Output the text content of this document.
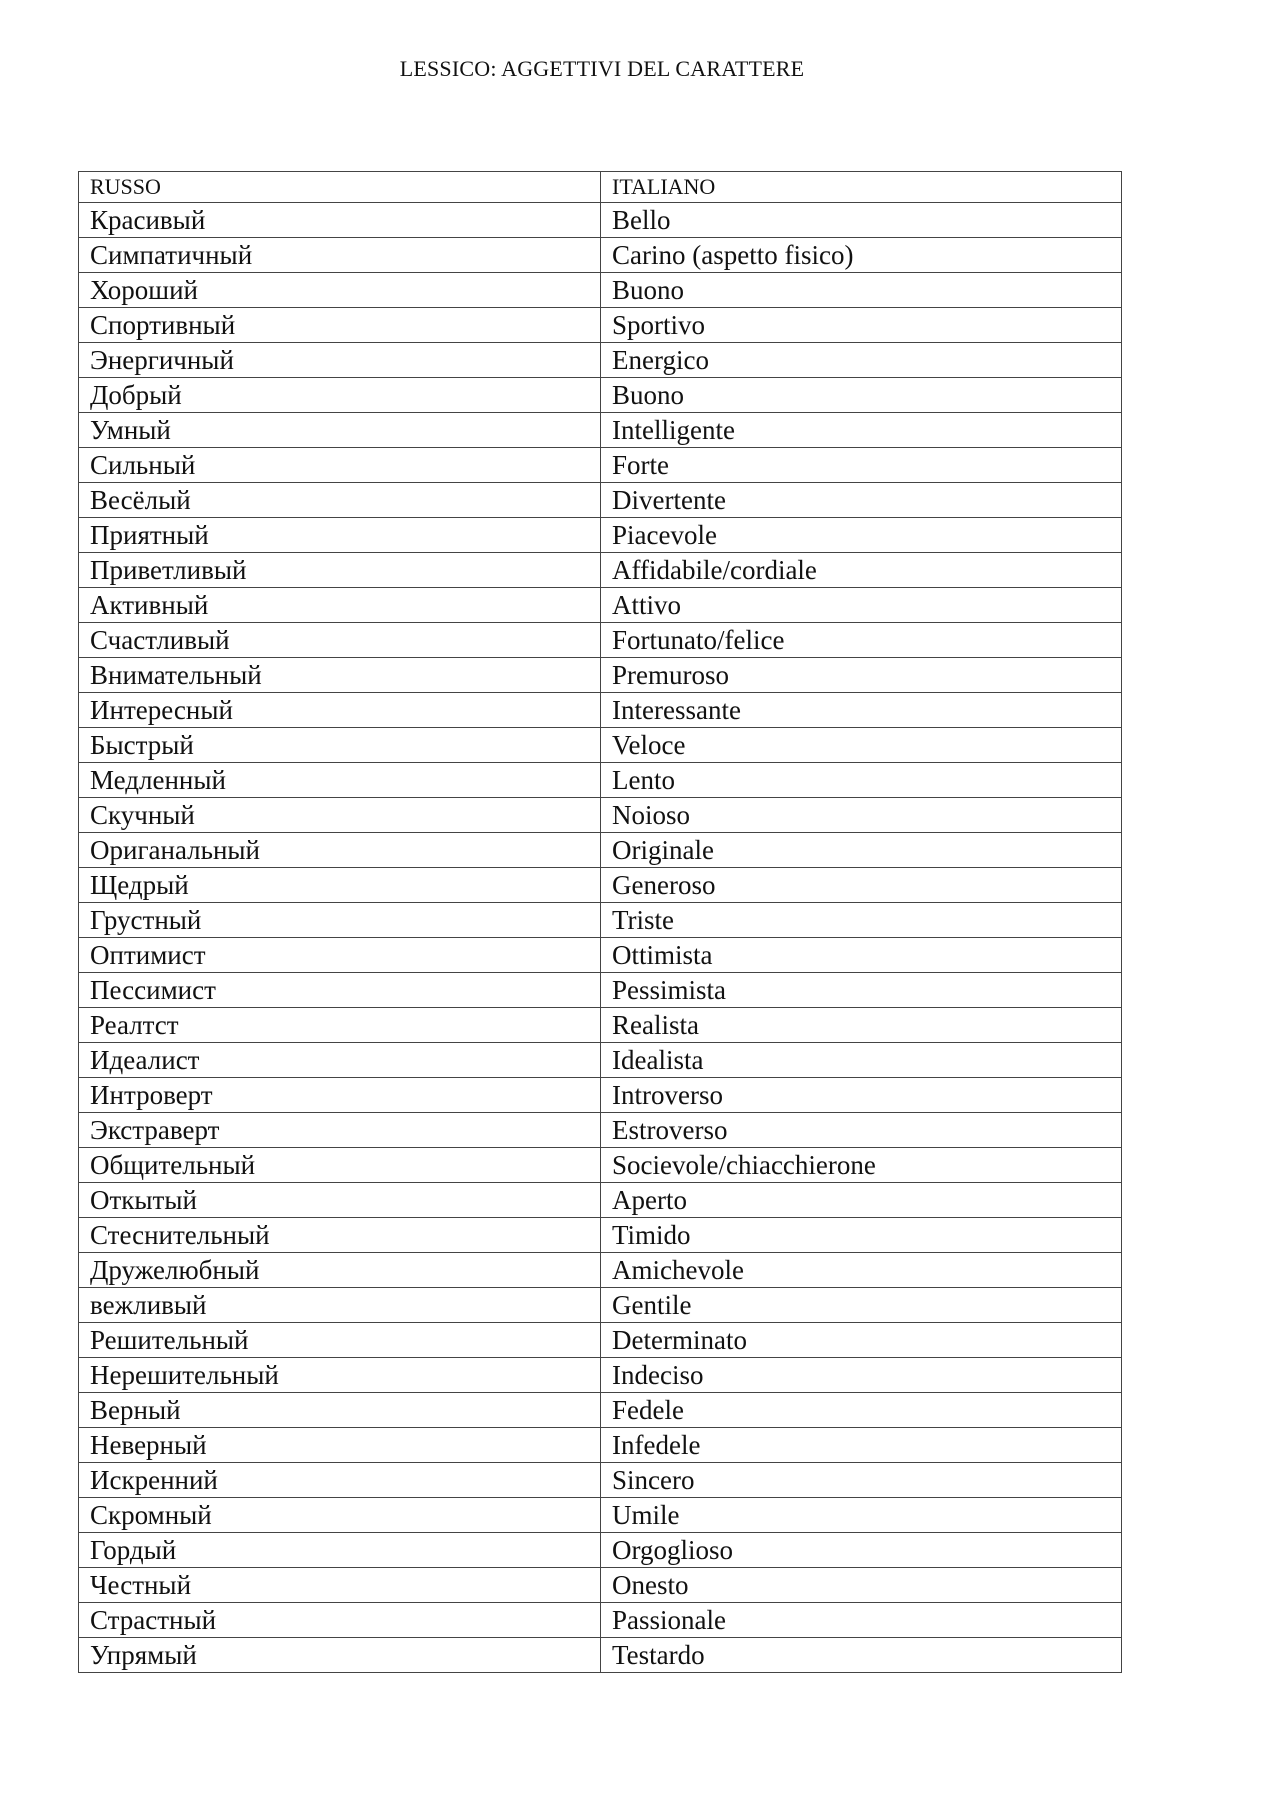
LESSICO: AGGETTIVI DEL CARATTERE
RUSSO	ITALIANO
Красивый	Bello
Симпатичный	Carino (aspetto fisico)
Хороший	Buono
Спортивный	Sportivo
Энергичный	Energico
Добрый	Buono
Умный	Intelligente
Сильный	Forte
Весёлый	Divertente
Приятный	Piacevole
Приветливый	Affidabile/cordiale
Активный	Attivo
Счастливый	Fortunato/felice
Внимательный	Premuroso
Интересный	Interessante
Быстрый	Veloce
Медленный	Lento
Скучный	Noioso
Ориганальный	Originale
Щедрый	Generoso
Грустный	Triste
Оптимист	Ottimista
Пессимист	Pessimista
Реалтст	Realista
Идеалист	Idealista
Интроверт	Introverso
Экстраверт	Estroverso
Общительный	Socievole/chiacchierone
Откытый	Aperto
Стеснительный	Timido
Дружелюбный	Amichevole
вежливый	Gentile
Решительный	Determinato
Нерешительный	Indeciso
Верный	Fedele
Неверный	Infedele
Искренний	Sincero
Скромный	Umile
Гордый	Orgoglioso
Честный	Onesto
Страстный	Passionale
Упрямый	Testardo
